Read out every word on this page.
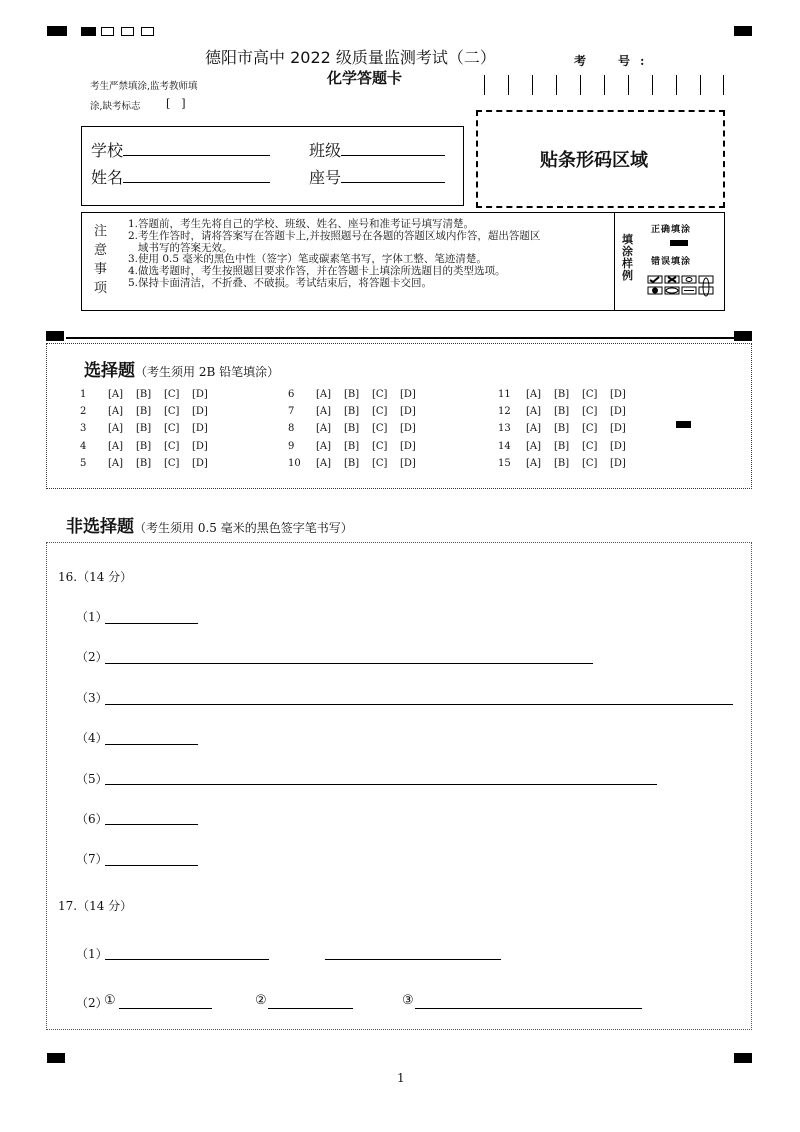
德阳市高中 2022 级质量监测考试（二）
化学答题卡
考　号:
考生严禁填涂,监考教师填
涂,缺考标志 [　]
学校	班级
姓名	座号
贴条形码区域
注
意
事
项
1.答题前，考生先将自己的学校、班级、姓名、座号和准考证号填写清楚。
2.考生作答时，请将答案写在答题卡上,并按照题号在各题的答题区域内作答，超出答题区
域书写的答案无效。
3.使用 0.5 毫米的黑色中性（签字）笔或碳素笔书写，字体工整、笔迹清楚。
4.做选考题时，考生按照题目要求作答，并在答题卡上填涂所选题目的类型选项。
5.保持卡面清洁，不折叠、不破损。考试结束后，将答题卡交回。
填
涂
样
例
正确填涂
错误填涂
选择题（考生须用 2B 铅笔填涂）
1	[A]	[B]	[C]	[D]
2	[A]	[B]	[C]	[D]
3	[A]	[B]	[C]	[D]
4	[A]	[B]	[C]	[D]
5	[A]	[B]	[C]	[D]
6	[A]	[B]	[C]	[D]
7	[A]	[B]	[C]	[D]
8	[A]	[B]	[C]	[D]
9	[A]	[B]	[C]	[D]
10	[A]	[B]	[C]	[D]
11	[A]	[B]	[C]	[D]
12	[A]	[B]	[C]	[D]
13	[A]	[B]	[C]	[D]
14	[A]	[B]	[C]	[D]
15	[A]	[B]	[C]	[D]
非选择题（考生须用 0.5 毫米的黑色签字笔书写）
16.（14 分）
（1）
（2）
（3）
（4）
（5）
（6）
（7）
17.（14 分）
（1）
（2）
①	②	③
1
